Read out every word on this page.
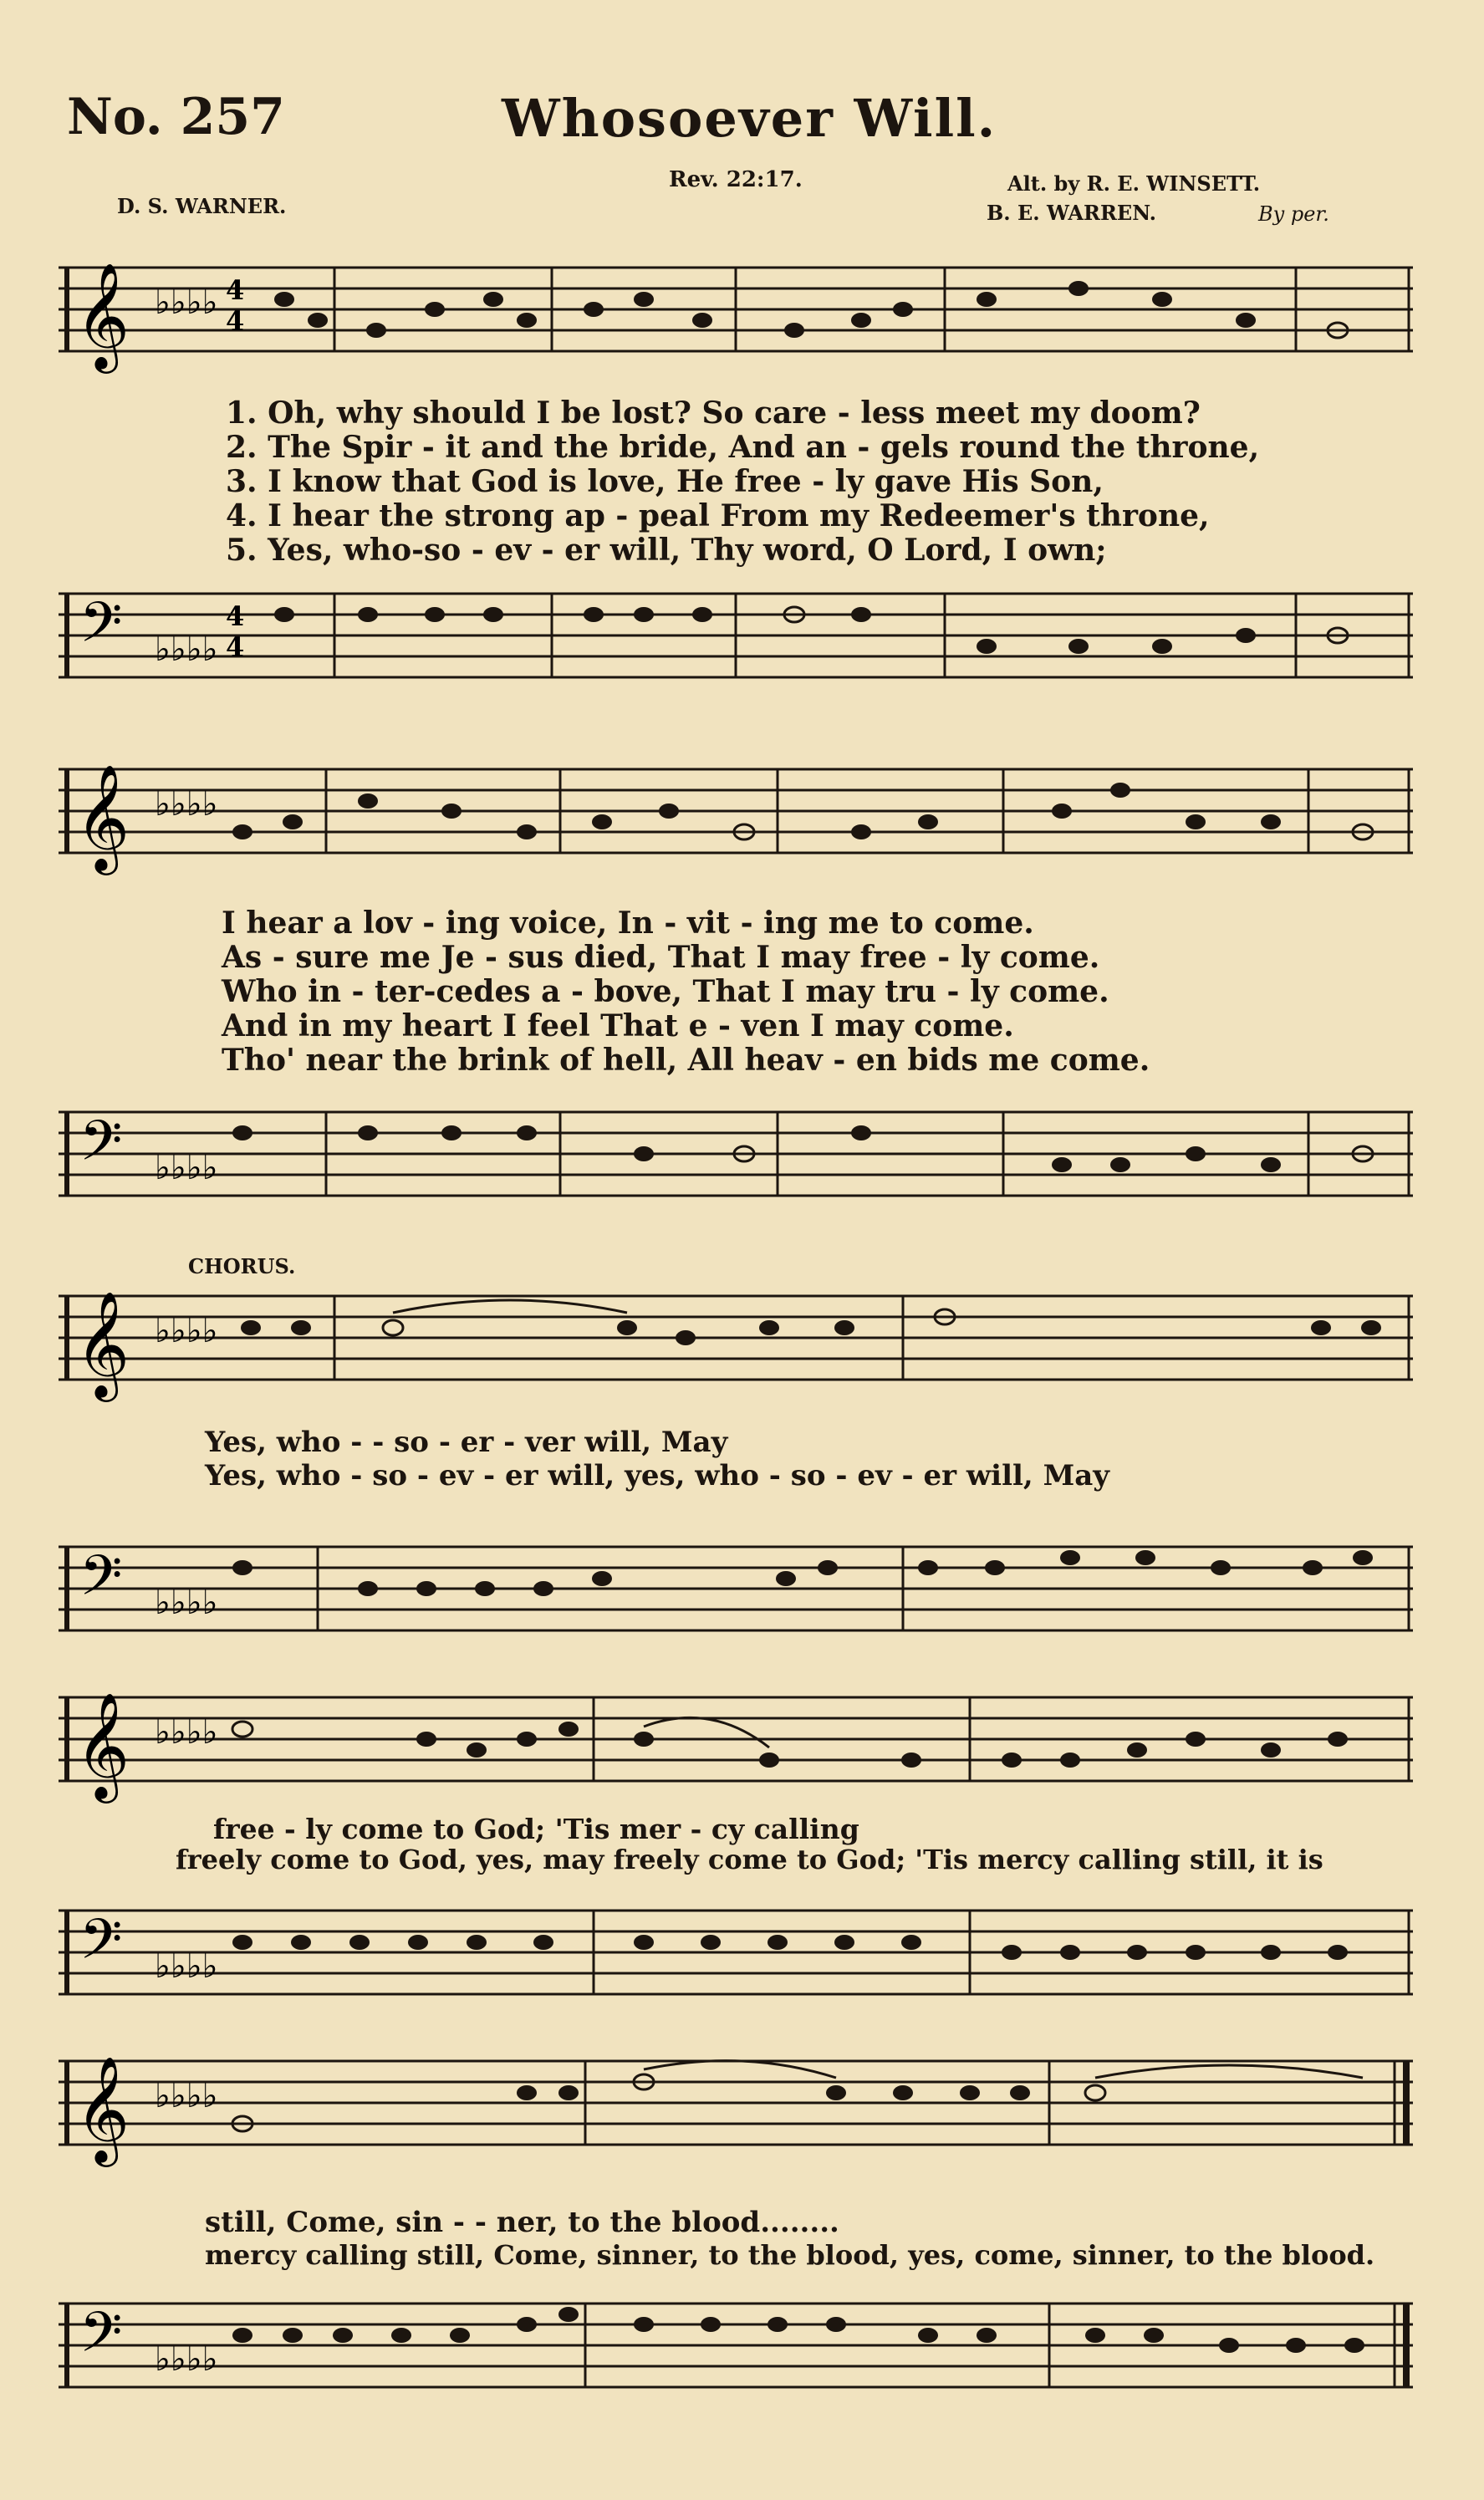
No. 257	Whosoever Will.
Rev. 22:17.
D. S. WARNER.
Alt. by R. E. WINSETT.
B. E. WARREN.	By per.
𝄞 ♭♭♭♭ 4
4
1. Oh, why should I be lost? So care - less meet my doom?
2. The Spir - it and the bride, And an - gels round the throne,
3. I know that God is love, He free - ly gave His Son,
4. I hear the strong ap - peal From my Redeemer's throne,
5. Yes, who-so - ev - er will, Thy word, O Lord, I own;
𝄢 ♭♭♭♭
4
4
𝄞 ♭♭♭♭
I hear a lov - ing voice, In - vit - ing me to come.
As - sure me Je - sus died, That I may free - ly come.
Who in - ter-cedes a - bove, That I may tru - ly come.
And in my heart I feel That e - ven I may come.
Tho' near the brink of hell, All heav - en bids me come.
𝄢 ♭♭♭♭
CHORUS.
𝄞 ♭♭♭♭
Yes, who - - so - er - ver will, May
Yes, who - so - ev - er will, yes, who - so - ev - er will, May
𝄢 ♭♭♭♭
𝄞 ♭♭♭♭
free - ly come to God; 'Tis mer - cy calling
freely come to God, yes, may freely come to God; 'Tis mercy calling still, it is
𝄢 ♭♭♭♭
𝄞 ♭♭♭♭
still, Come, sin - - ner, to the blood........
mercy calling still, Come, sinner, to the blood, yes, come, sinner, to the blood.
𝄢 ♭♭♭♭
